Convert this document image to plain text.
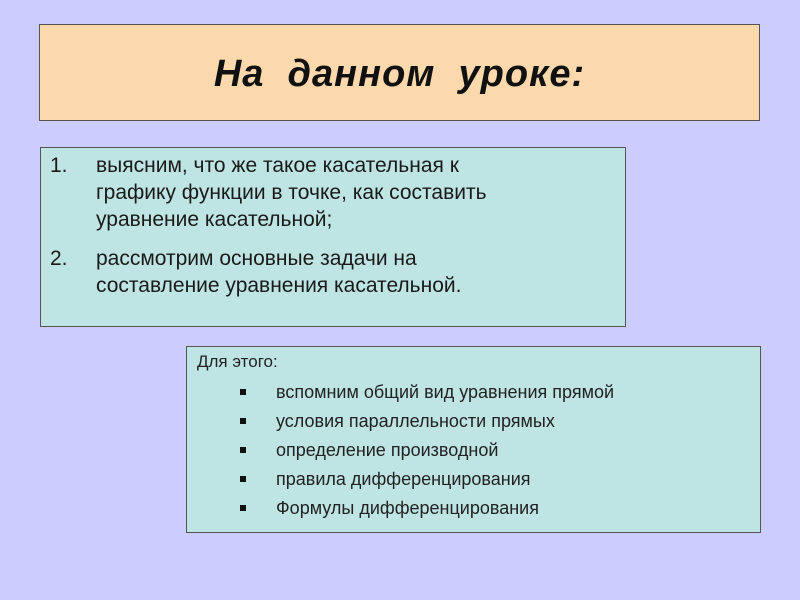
На  данном  уроке:
1. выясним, что же такое касательная к
графику функции в точке, как составить
уравнение касательной;
2. рассмотрим основные задачи на
составление уравнения касательной.
Для этого:
вспомним общий вид уравнения прямой
условия параллельности прямых
определение производной
правила дифференцирования
Формулы дифференцирования
